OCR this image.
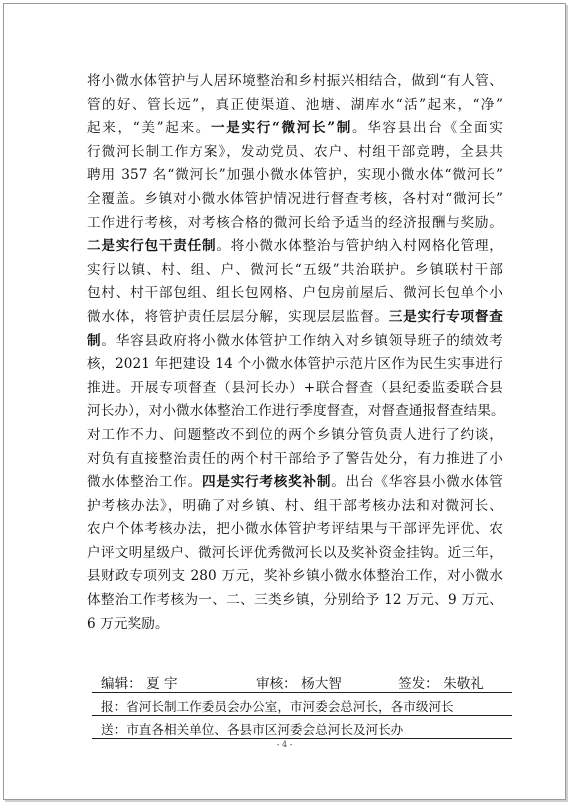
将小微水体管护与人居环境整治和乡村振兴相结合，做到“有人管、
管的好、管长远”，真正使渠道、池塘、湖库水“活”起来，“净”
起来，“美”起来。一是实行“微河长”制。华容县出台《全面实
行微河长制工作方案》，发动党员、农户、村组干部竞聘，全县共
聘用 357 名“微河长”加强小微水体管护，实现小微水体“微河长”
全覆盖。乡镇对小微水体管护情况进行督查考核，各村对“微河长”
工作进行考核，对考核合格的微河长给予适当的经济报酬与奖励。
二是实行包干责任制。将小微水体整治与管护纳入村网格化管理，
实行以镇、村、组、户、微河长“五级”共治联护。乡镇联村干部
包村、村干部包组、组长包网格、户包房前屋后、微河长包单个小
微水体，将管护责任层层分解，实现层层监督。三是实行专项督查
制。华容县政府将小微水体管护工作纳入对乡镇领导班子的绩效考
核，2021 年把建设 14 个小微水体管护示范片区作为民生实事进行
推进。开展专项督查（县河长办）+联合督查（县纪委监委联合县
河长办），对小微水体整治工作进行季度督查，对督查通报督查结果。
对工作不力、问题整改不到位的两个乡镇分管负责人进行了约谈，
对负有直接整治责任的两个村干部给予了警告处分，有力推进了小
微水体整治工作。四是实行考核奖补制。出台《华容县小微水体管
护考核办法》，明确了对乡镇、村、组干部考核办法和对微河长、
农户个体考核办法，把小微水体管护考评结果与干部评先评优、农
户评文明星级户、微河长评优秀微河长以及奖补资金挂钩。近三年，
县财政专项列支 280 万元，奖补乡镇小微水体整治工作，对小微水
体整治工作考核为一、二、三类乡镇，分别给予 12 万元、9 万元、
6 万元奖励。
编辑： 夏 宇	审核： 杨大智	签发： 朱敬礼
报：省河长制工作委员会办公室，市河委会总河长，各市级河长
送：市直各相关单位、各县市区河委会总河长及河长办
- 4 -
